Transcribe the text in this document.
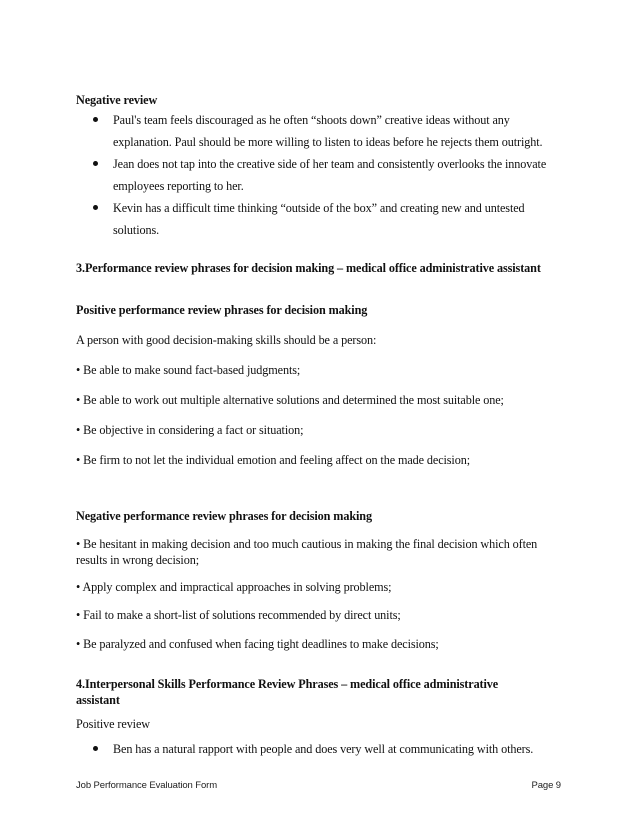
Negative review
Paul's team feels discouraged as he often “shoots down” creative ideas without any explanation. Paul should be more willing to listen to ideas before he rejects them outright.
Jean does not tap into the creative side of her team and consistently overlooks the innovate employees reporting to her.
Kevin has a difficult time thinking “outside of the box” and creating new and untested solutions.
3.Performance review phrases for decision making – medical office administrative assistant
Positive performance review phrases for decision making
A person with good decision-making skills should be a person:
• Be able to make sound fact-based judgments;
• Be able to work out multiple alternative solutions and determined the most suitable one;
• Be objective in considering a fact or situation;
• Be firm to not let the individual emotion and feeling affect on the made decision;
Negative performance review phrases for decision making
• Be hesitant in making decision and too much cautious in making the final decision which often results in wrong decision;
• Apply complex and impractical approaches in solving problems;
• Fail to make a short-list of solutions recommended by direct units;
• Be paralyzed and confused when facing tight deadlines to make decisions;
4.Interpersonal Skills Performance Review Phrases – medical office administrative assistant
Positive review
Ben has a natural rapport with people and does very well at communicating with others.
Job Performance Evaluation Form	Page 9
